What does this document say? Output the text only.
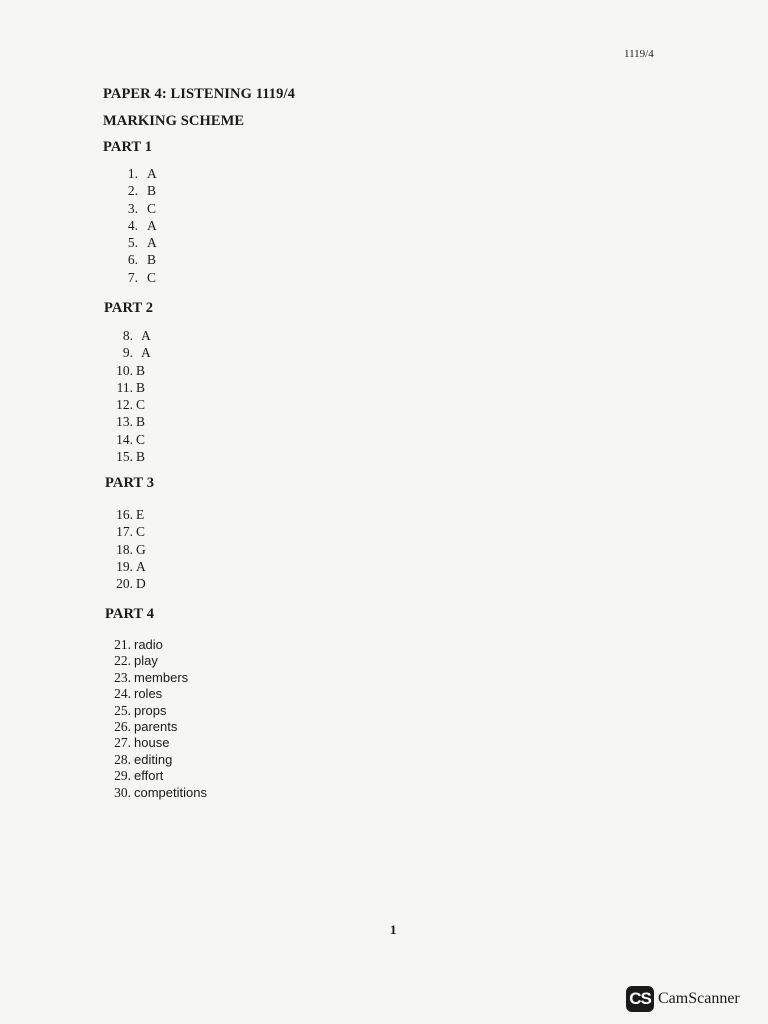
1119/4
PAPER 4: LISTENING 1119/4
MARKING SCHEME
PART 1
1. A
2. B
3. C
4. A
5. A
6. B
7. C
PART 2
8. A
9. A
10. B
11. B
12. C
13. B
14. C
15. B
PART 3
16. E
17. C
18. G
19. A
20. D
PART 4
21. radio
22. play
23. members
24. roles
25. props
26. parents
27. house
28. editing
29. effort
30. competitions
1
CS CamScanner
